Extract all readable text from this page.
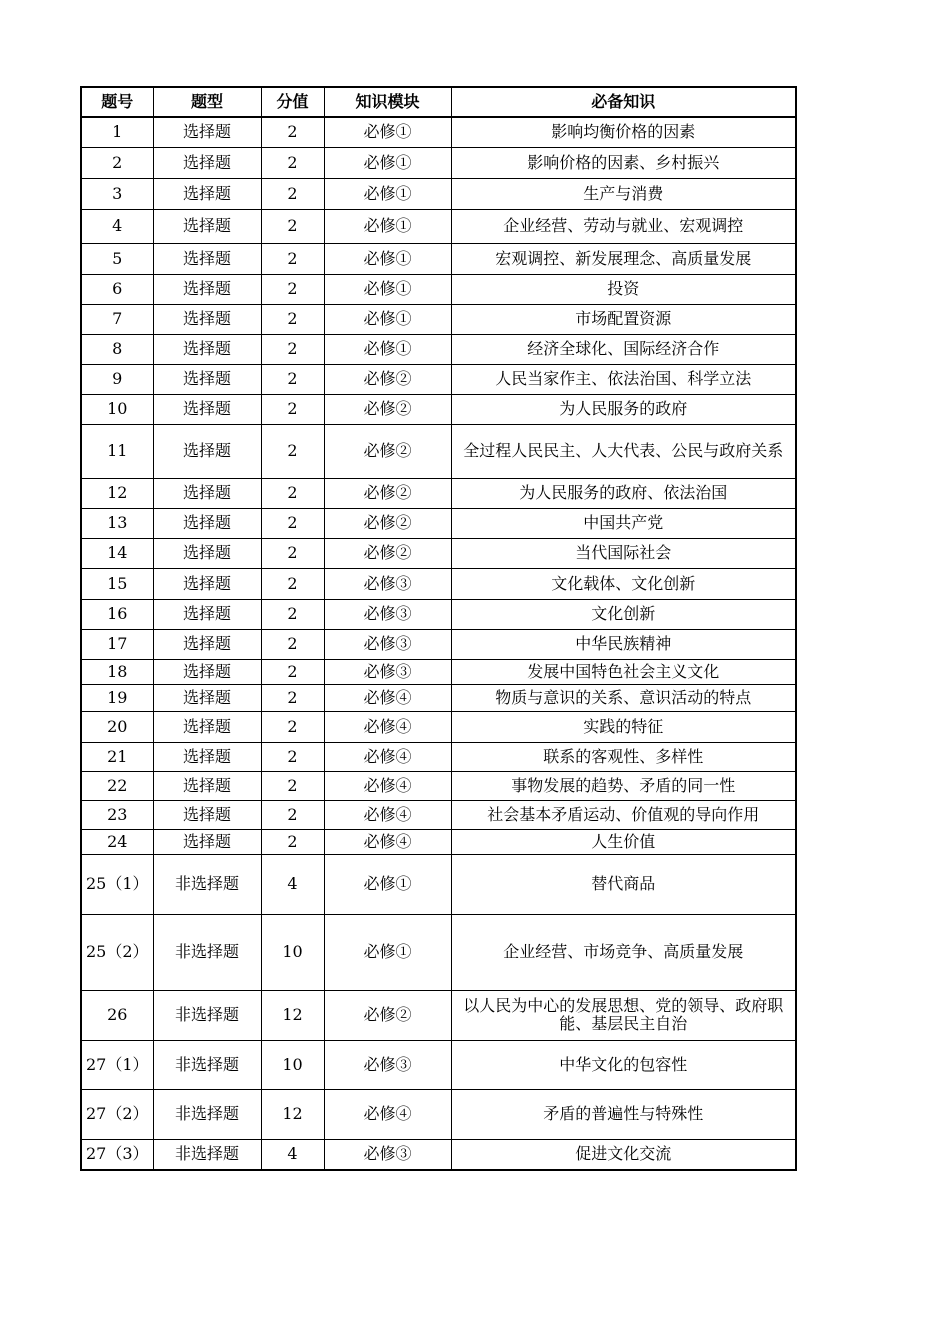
题号	题型	分值	知识模块	必备知识
1	选择题	2	必修①	影响均衡价格的因素
2	选择题	2	必修①	影响价格的因素、乡村振兴
3	选择题	2	必修①	生产与消费
4	选择题	2	必修①	企业经营、劳动与就业、宏观调控
5	选择题	2	必修①	宏观调控、新发展理念、高质量发展
6	选择题	2	必修①	投资
7	选择题	2	必修①	市场配置资源
8	选择题	2	必修①	经济全球化、国际经济合作
9	选择题	2	必修②	人民当家作主、依法治国、科学立法
10	选择题	2	必修②	为人民服务的政府
11	选择题	2	必修②	全过程人民民主、人大代表、公民与政府关系
12	选择题	2	必修②	为人民服务的政府、依法治国
13	选择题	2	必修②	中国共产党
14	选择题	2	必修②	当代国际社会
15	选择题	2	必修③	文化载体、文化创新
16	选择题	2	必修③	文化创新
17	选择题	2	必修③	中华民族精神
18	选择题	2	必修③	发展中国特色社会主义文化
19	选择题	2	必修④	物质与意识的关系、意识活动的特点
20	选择题	2	必修④	实践的特征
21	选择题	2	必修④	联系的客观性、多样性
22	选择题	2	必修④	事物发展的趋势、矛盾的同一性
23	选择题	2	必修④	社会基本矛盾运动、价值观的导向作用
24	选择题	2	必修④	人生价值
25（1）	非选择题	4	必修①	替代商品
25（2）	非选择题	10	必修①	企业经营、市场竞争、高质量发展
26	非选择题	12	必修②	以人民为中心的发展思想、党的领导、政府职能、基层民主自治
27（1）	非选择题	10	必修③	中华文化的包容性
27（2）	非选择题	12	必修④	矛盾的普遍性与特殊性
27（3）	非选择题	4	必修③	促进文化交流
